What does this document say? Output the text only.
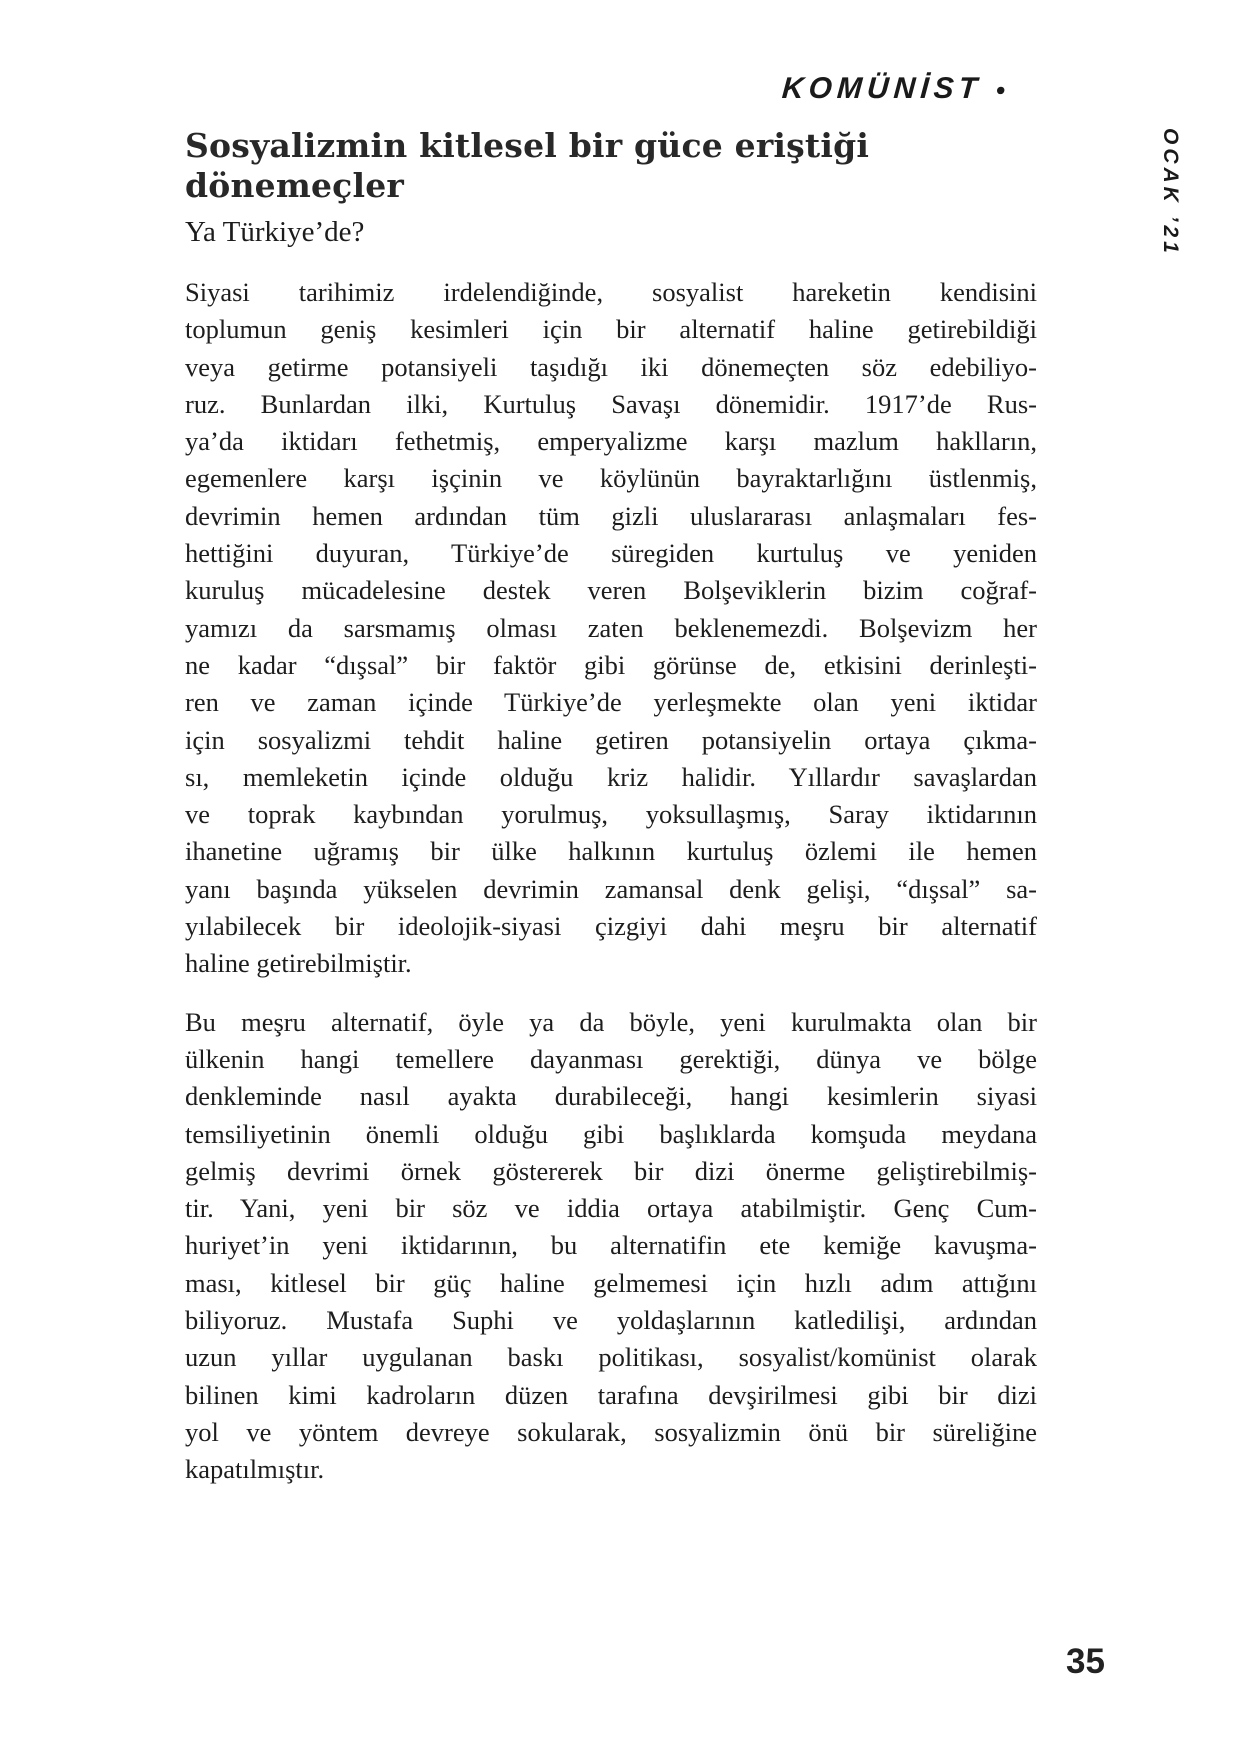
KOMÜNİST •
OCAK ’21
Sosyalizmin kitlesel bir güce eriştiği dönemeçler
Ya Türkiye’de?
Siyasi tarihimiz irdelendiğinde, sosyalist hareketin kendisini
toplumun geniş kesimleri için bir alternatif haline getirebildiği
veya getirme potansiyeli taşıdığı iki dönemeçten söz edebiliyo-
ruz. Bunlardan ilki, Kurtuluş Savaşı dönemidir. 1917’de Rus-
ya’da iktidarı fethetmiş, emperyalizme karşı mazlum haklların,
egemenlere karşı işçinin ve köylünün bayraktarlığını üstlenmiş,
devrimin hemen ardından tüm gizli uluslararası anlaşmaları fes-
hettiğini duyuran, Türkiye’de süregiden kurtuluş ve yeniden
kuruluş mücadelesine destek veren Bolşeviklerin bizim coğraf-
yamızı da sarsmamış olması zaten beklenemezdi. Bolşevizm her
ne kadar “dışsal” bir faktör gibi görünse de, etkisini derinleşti-
ren ve zaman içinde Türkiye’de yerleşmekte olan yeni iktidar
için sosyalizmi tehdit haline getiren potansiyelin ortaya çıkma-
sı, memleketin içinde olduğu kriz halidir. Yıllardır savaşlardan
ve toprak kaybından yorulmuş, yoksullaşmış, Saray iktidarının
ihanetine uğramış bir ülke halkının kurtuluş özlemi ile hemen
yanı başında yükselen devrimin zamansal denk gelişi, “dışsal” sa-
yılabilecek bir ideolojik-siyasi çizgiyi dahi meşru bir alternatif
haline getirebilmiştir.
Bu meşru alternatif, öyle ya da böyle, yeni kurulmakta olan bir
ülkenin hangi temellere dayanması gerektiği, dünya ve bölge
denkleminde nasıl ayakta durabileceği, hangi kesimlerin siyasi
temsiliyetinin önemli olduğu gibi başlıklarda komşuda meydana
gelmiş devrimi örnek göstererek bir dizi önerme geliştirebilmiş-
tir. Yani, yeni bir söz ve iddia ortaya atabilmiştir. Genç Cum-
huriyet’in yeni iktidarının, bu alternatifin ete kemiğe kavuşma-
ması, kitlesel bir güç haline gelmemesi için hızlı adım attığını
biliyoruz. Mustafa Suphi ve yoldaşlarının katledilişi, ardından
uzun yıllar uygulanan baskı politikası, sosyalist/komünist olarak
bilinen kimi kadroların düzen tarafına devşirilmesi gibi bir dizi
yol ve yöntem devreye sokularak, sosyalizmin önü bir süreliğine
kapatılmıştır.
35
